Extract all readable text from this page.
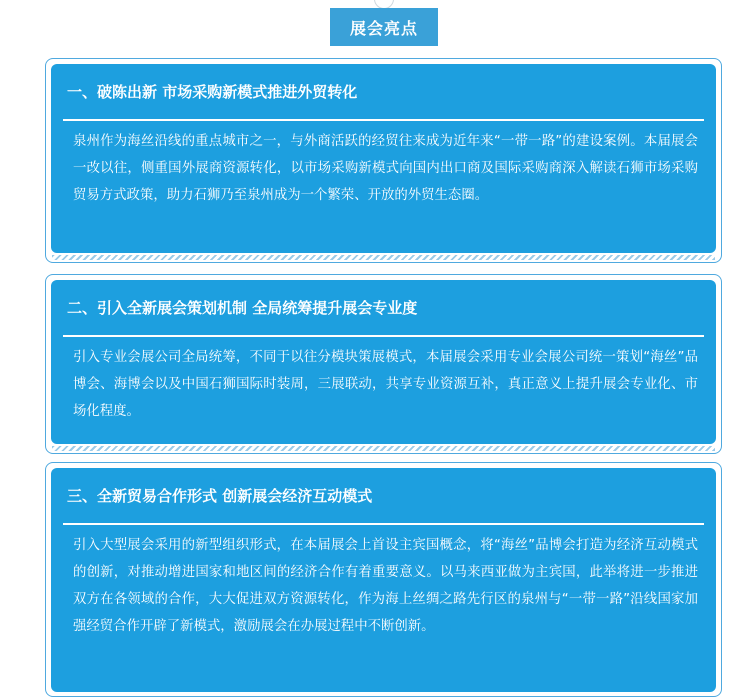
展会亮点
一、破陈出新 市场采购新模式推进外贸转化
泉州作为海丝沿线的重点城市之一，与外商活跃的经贸往来成为近年来“一带一路”的建设案例。本届展会一改以往，侧重国外展商资源转化，以市场采购新模式向国内出口商及国际采购商深入解读石狮市场采购贸易方式政策，助力石狮乃至泉州成为一个繁荣、开放的外贸生态圈。
二、引入全新展会策划机制 全局统筹提升展会专业度
引入专业会展公司全局统筹，不同于以往分模块策展模式，本届展会采用专业会展公司统一策划“海丝”品博会、海博会以及中国石狮国际时装周，三展联动，共享专业资源互补，真正意义上提升展会专业化、市场化程度。
三、全新贸易合作形式 创新展会经济互动模式
引入大型展会采用的新型组织形式，在本届展会上首设主宾国概念，将“海丝”品博会打造为经济互动模式的创新，对推动增进国家和地区间的经济合作有着重要意义。以马来西亚做为主宾国，此举将进一步推进双方在各领域的合作，大大促进双方资源转化，作为海上丝绸之路先行区的泉州与“一带一路”沿线国家加强经贸合作开辟了新模式，激励展会在办展过程中不断创新。
